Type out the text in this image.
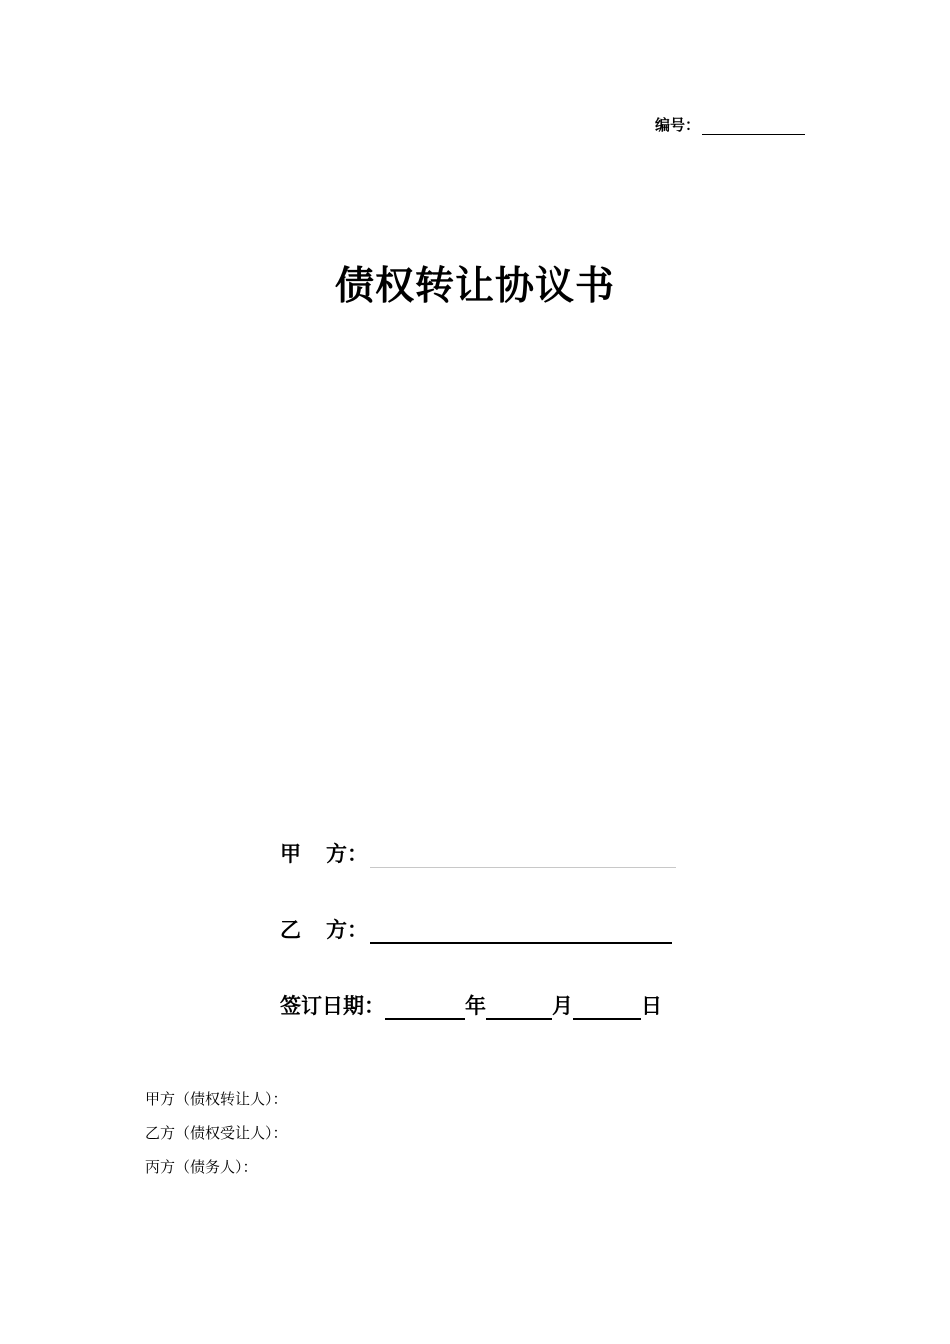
编号：
债权转让协议书
甲 方：
乙 方：
签订日期：	年	月	日
甲方（债权转让人）：
乙方（债权受让人）：
丙方（债务人）：
